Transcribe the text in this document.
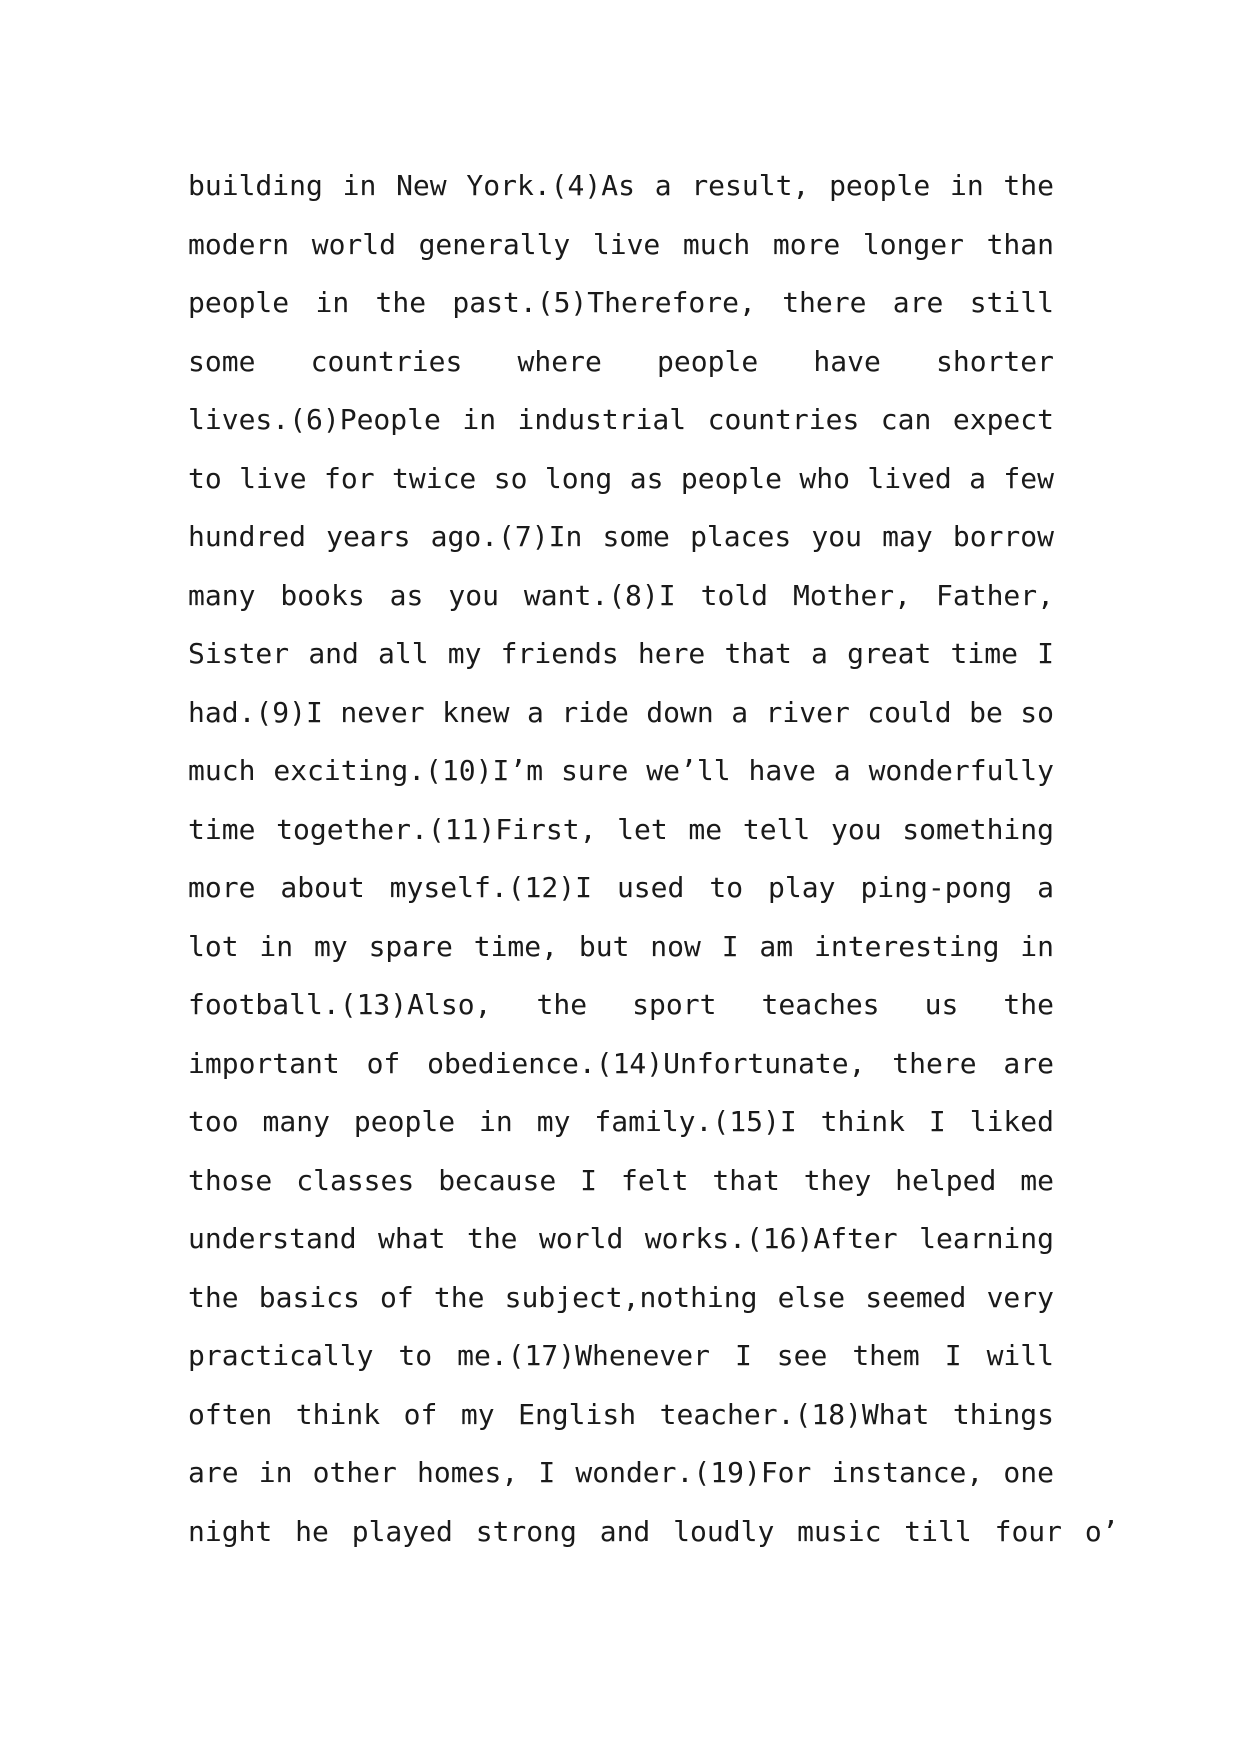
building in New York.(4)As a result, people in the
modern world generally live much more longer than
people in the past.(5)Therefore, there are still
some countries where people have shorter
lives.(6)People in industrial countries can expect
to live for twice so long as people who lived a few
hundred years ago.(7)In some places you may borrow
many books as you want.(8)I told Mother, Father,
Sister and all my friends here that a great time I
had.(9)I never knew a ride down a river could be so
much exciting.(10)I’m sure we’ll have a wonderfully
time together.(11)First, let me tell you something
more about myself.(12)I used to play ping-pong a
lot in my spare time, but now I am interesting in
football.(13)Also, the sport teaches us the
important of obedience.(14)Unfortunate, there are
too many people in my family.(15)I think I liked
those classes because I felt that they helped me
understand what the world works.(16)After learning
the basics of the subject,nothing else seemed very
practically to me.(17)Whenever I see them I will
often think of my English teacher.(18)What things
are in other homes, I wonder.(19)For instance, one
night he played strong and loudly music till four o’
